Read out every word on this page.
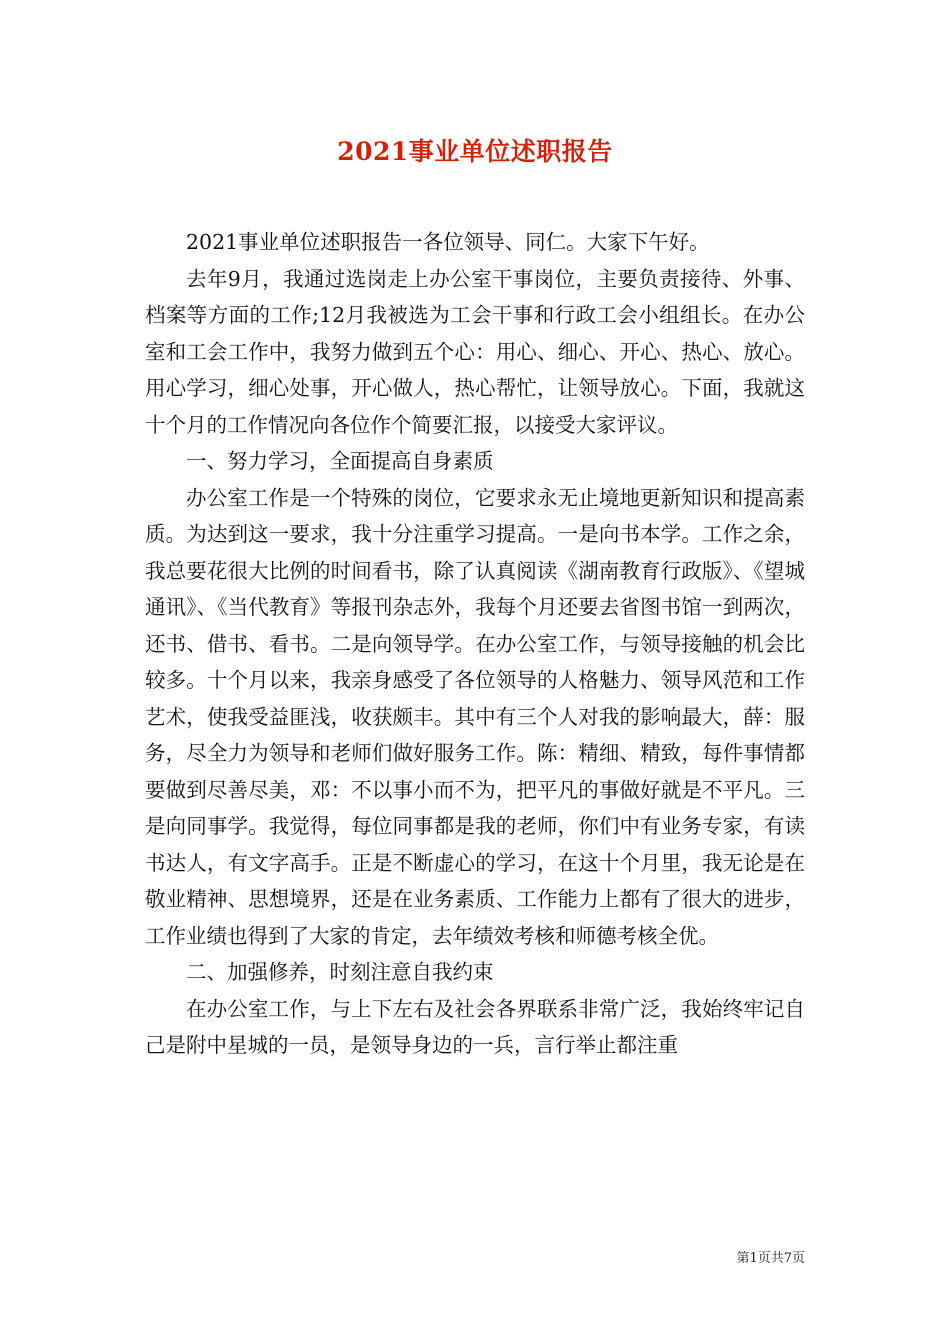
2021事业单位述职报告

2021事业单位述职报告一各位领导、同仁。大家下午好。

去年9月，我通过选岗走上办公室干事岗位，主要负责接待、外事、档案等方面的工作;12月我被选为工会干事和行政工会小组组长。在办公室和工会工作中，我努力做到五个心：用心、细心、开心、热心、放心。用心学习，细心处事，开心做人，热心帮忙，让领导放心。下面，我就这十个月的工作情况向各位作个简要汇报，以接受大家评议。

一、努力学习，全面提高自身素质

办公室工作是一个特殊的岗位，它要求永无止境地更新知识和提高素质。为达到这一要求，我十分注重学习提高。一是向书本学。工作之余，我总要花很大比例的时间看书，除了认真阅读《湖南教育行政版》、《望城通讯》、《当代教育》等报刊杂志外，我每个月还要去省图书馆一到两次，还书、借书、看书。二是向领导学。在办公室工作，与领导接触的机会比较多。十个月以来，我亲身感受了各位领导的人格魅力、领导风范和工作艺术，使我受益匪浅，收获颇丰。其中有三个人对我的影响最大，薛：服务，尽全力为领导和老师们做好服务工作。陈：精细、精致，每件事情都要做到尽善尽美，邓：不以事小而不为，把平凡的事做好就是不平凡。三是向同事学。我觉得，每位同事都是我的老师，你们中有业务专家，有读书达人，有文字高手。正是不断虚心的学习，在这十个月里，我无论是在敬业精神、思想境界，还是在业务素质、工作能力上都有了很大的进步，工作业绩也得到了大家的肯定，去年绩效考核和师德考核全优。

二、加强修养，时刻注意自我约束

在办公室工作，与上下左右及社会各界联系非常广泛，我始终牢记自己是附中星城的一员，是领导身边的一兵，言行举止都注重

第1页共7页
